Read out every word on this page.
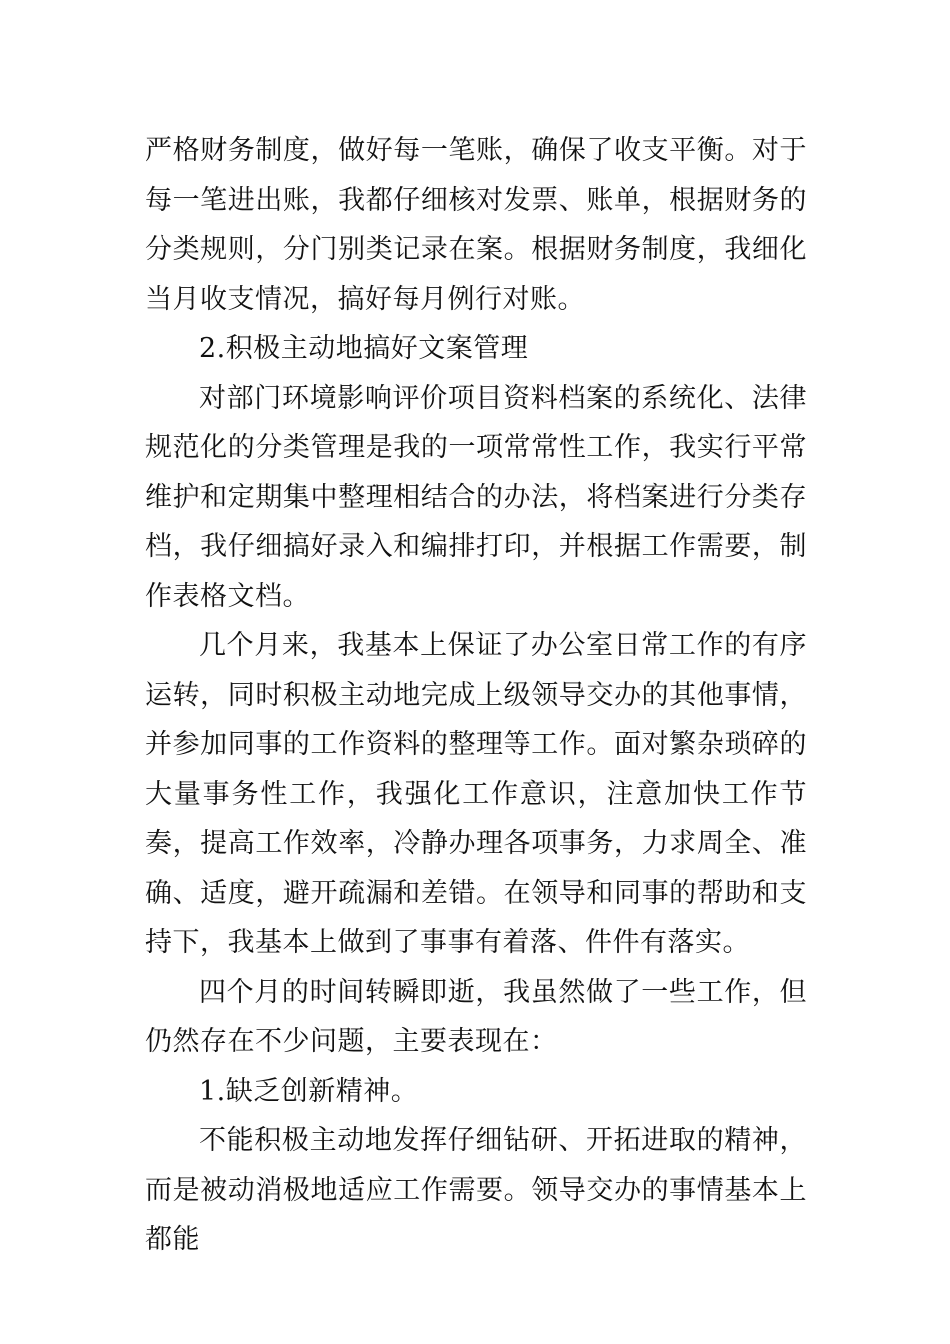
严格财务制度，做好每一笔账，确保了收支平衡。对于每一笔进出账，我都仔细核对发票、账单，根据财务的分类规则，分门别类记录在案。根据财务制度，我细化当月收支情况，搞好每月例行对账。

2.积极主动地搞好文案管理

对部门环境影响评价项目资料档案的系统化、法律规范化的分类管理是我的一项常常性工作，我实行平常维护和定期集中整理相结合的办法，将档案进行分类存档，我仔细搞好录入和编排打印，并根据工作需要，制作表格文档。

几个月来，我基本上保证了办公室日常工作的有序运转，同时积极主动地完成上级领导交办的其他事情，并参加同事的工作资料的整理等工作。面对繁杂琐碎的大量事务性工作，我强化工作意识，注意加快工作节奏，提高工作效率，冷静办理各项事务，力求周全、准确、适度，避开疏漏和差错。在领导和同事的帮助和支持下，我基本上做到了事事有着落、件件有落实。

四个月的时间转瞬即逝，我虽然做了一些工作，但仍然存在不少问题，主要表现在：

1.缺乏创新精神。

不能积极主动地发挥仔细钻研、开拓进取的精神，而是被动消极地适应工作需要。领导交办的事情基本上都能
